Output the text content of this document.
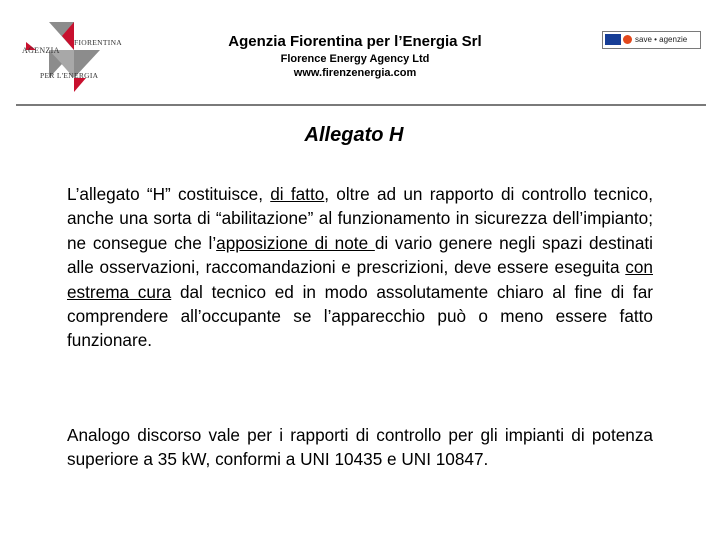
AGENZIA
FIORENTINA
PER L'ENERGIA
Agenzia Fiorentina per l’Energia Srl
Florence Energy Agency Ltd
www.firenzenergia.com
save • agenzie
Allegato H

L’allegato “H” costituisce, di fatto, oltre ad un rapporto di controllo tecnico, anche una sorta di “abilitazione” al funzionamento in sicurezza dell’impianto; ne consegue che l’apposizione di note di vario genere negli spazi destinati alle osservazioni, raccomandazioni e prescrizioni, deve essere eseguita con estrema cura dal tecnico ed in modo assolutamente chiaro al fine di far comprendere all’occupante se l’apparecchio può o meno essere fatto funzionare.

Analogo discorso vale per i rapporti di controllo per gli impianti di potenza superiore a 35 kW, conformi a UNI 10435 e UNI 10847.
